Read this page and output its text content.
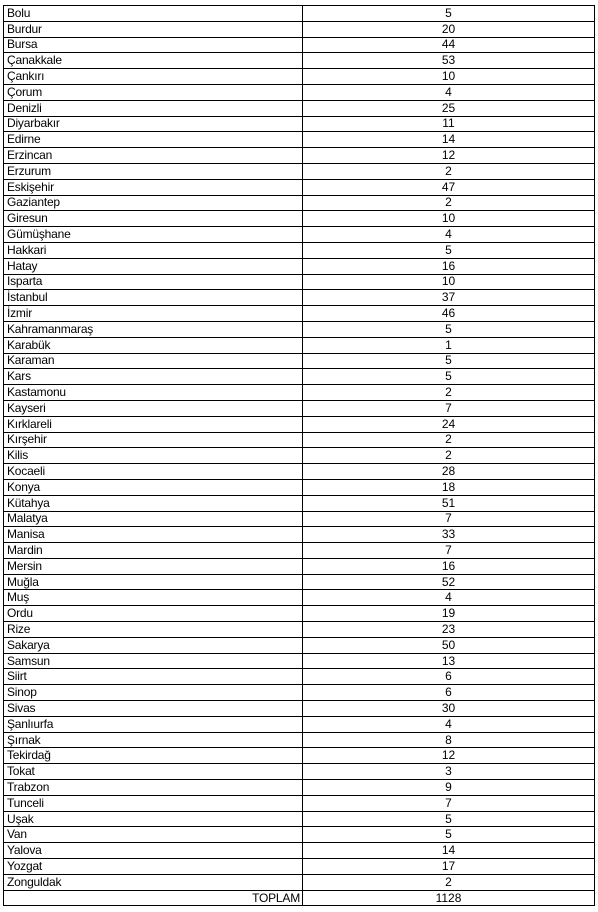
Bolu	5
Burdur	20
Bursa	44
Çanakkale	53
Çankırı	10
Çorum	4
Denizli	25
Diyarbakır	11
Edirne	14
Erzincan	12
Erzurum	2
Eskişehir	47
Gaziantep	2
Giresun	10
Gümüşhane	4
Hakkari	5
Hatay	16
Isparta	10
İstanbul	37
İzmir	46
Kahramanmaraş	5
Karabük	1
Karaman	5
Kars	5
Kastamonu	2
Kayseri	7
Kırklareli	24
Kırşehir	2
Kilis	2
Kocaeli	28
Konya	18
Kütahya	51
Malatya	7
Manisa	33
Mardin	7
Mersin	16
Muğla	52
Muş	4
Ordu	19
Rize	23
Sakarya	50
Samsun	13
Siirt	6
Sinop	6
Sivas	30
Şanlıurfa	4
Şırnak	8
Tekirdağ	12
Tokat	3
Trabzon	9
Tunceli	7
Uşak	5
Van	5
Yalova	14
Yozgat	17
Zonguldak	2
TOPLAM	1128
